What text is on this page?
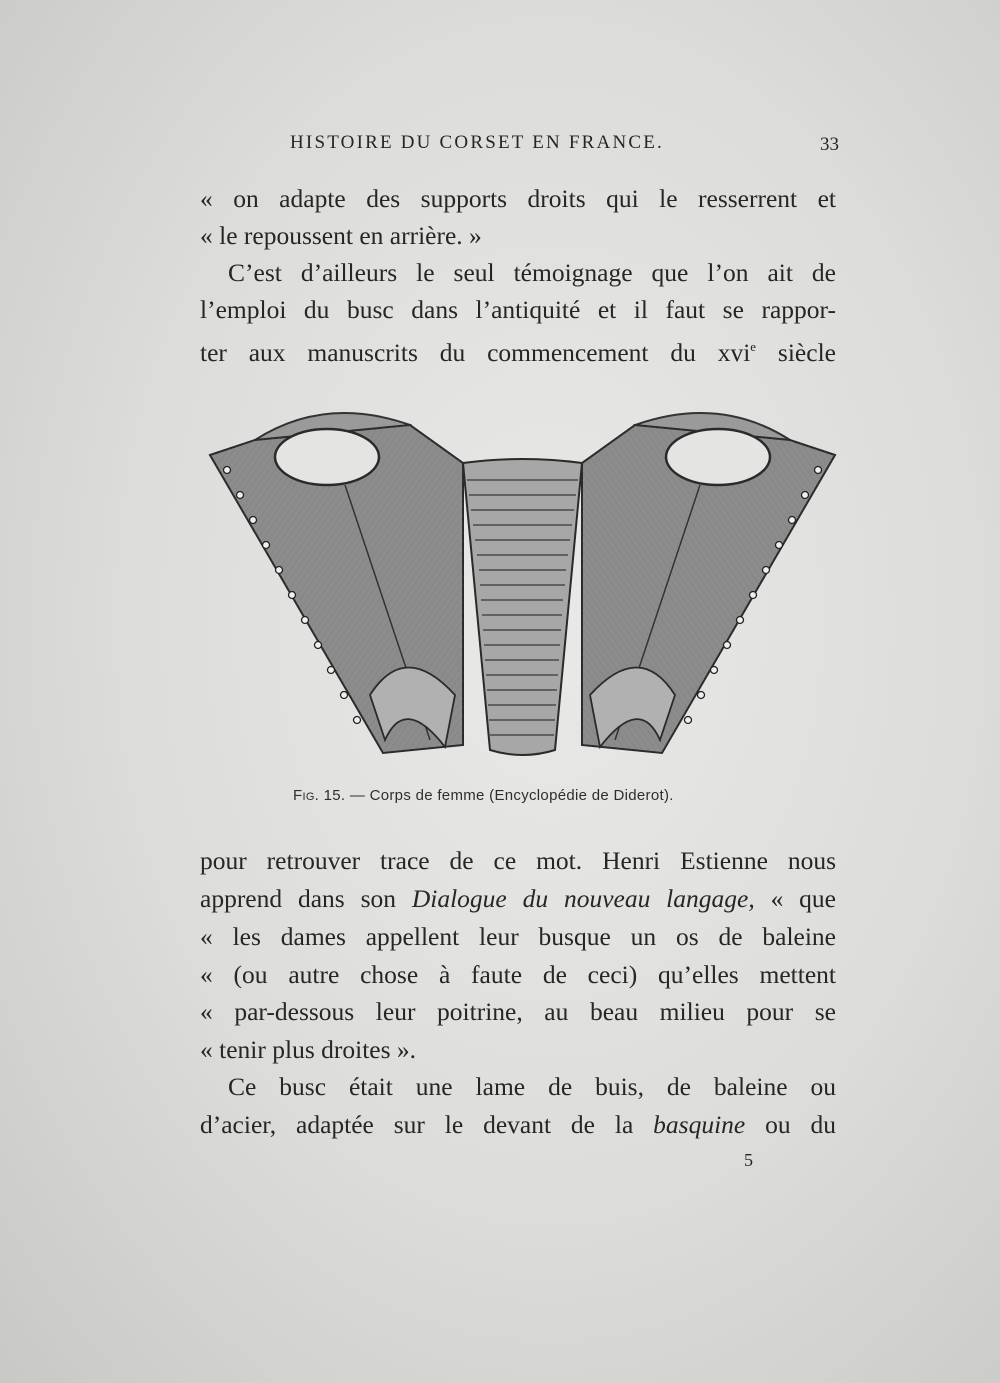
HISTOIRE DU CORSET EN FRANCE.	33
« on adapte des supports droits qui le resserrent et
« le repoussent en arrière. »
C’est d’ailleurs le seul témoignage que l’on ait de
l’emploi du busc dans l’antiquité et il faut se rappor-
ter aux manuscrits du commencement du xvi$^e$ siècle
Fig. 15. — Corps de femme (Encyclopédie de Diderot).
pour retrouver trace de ce mot. Henri Estienne nous
apprend dans son Dialogue du nouveau langage, « que
« les dames appellent leur busque un os de baleine
« (ou autre chose à faute de ceci) qu’elles mettent
« par-dessous leur poitrine, au beau milieu pour se
« tenir plus droites ».
Ce busc était une lame de buis, de baleine ou
d’acier, adaptée sur le devant de la basquine ou du
5
